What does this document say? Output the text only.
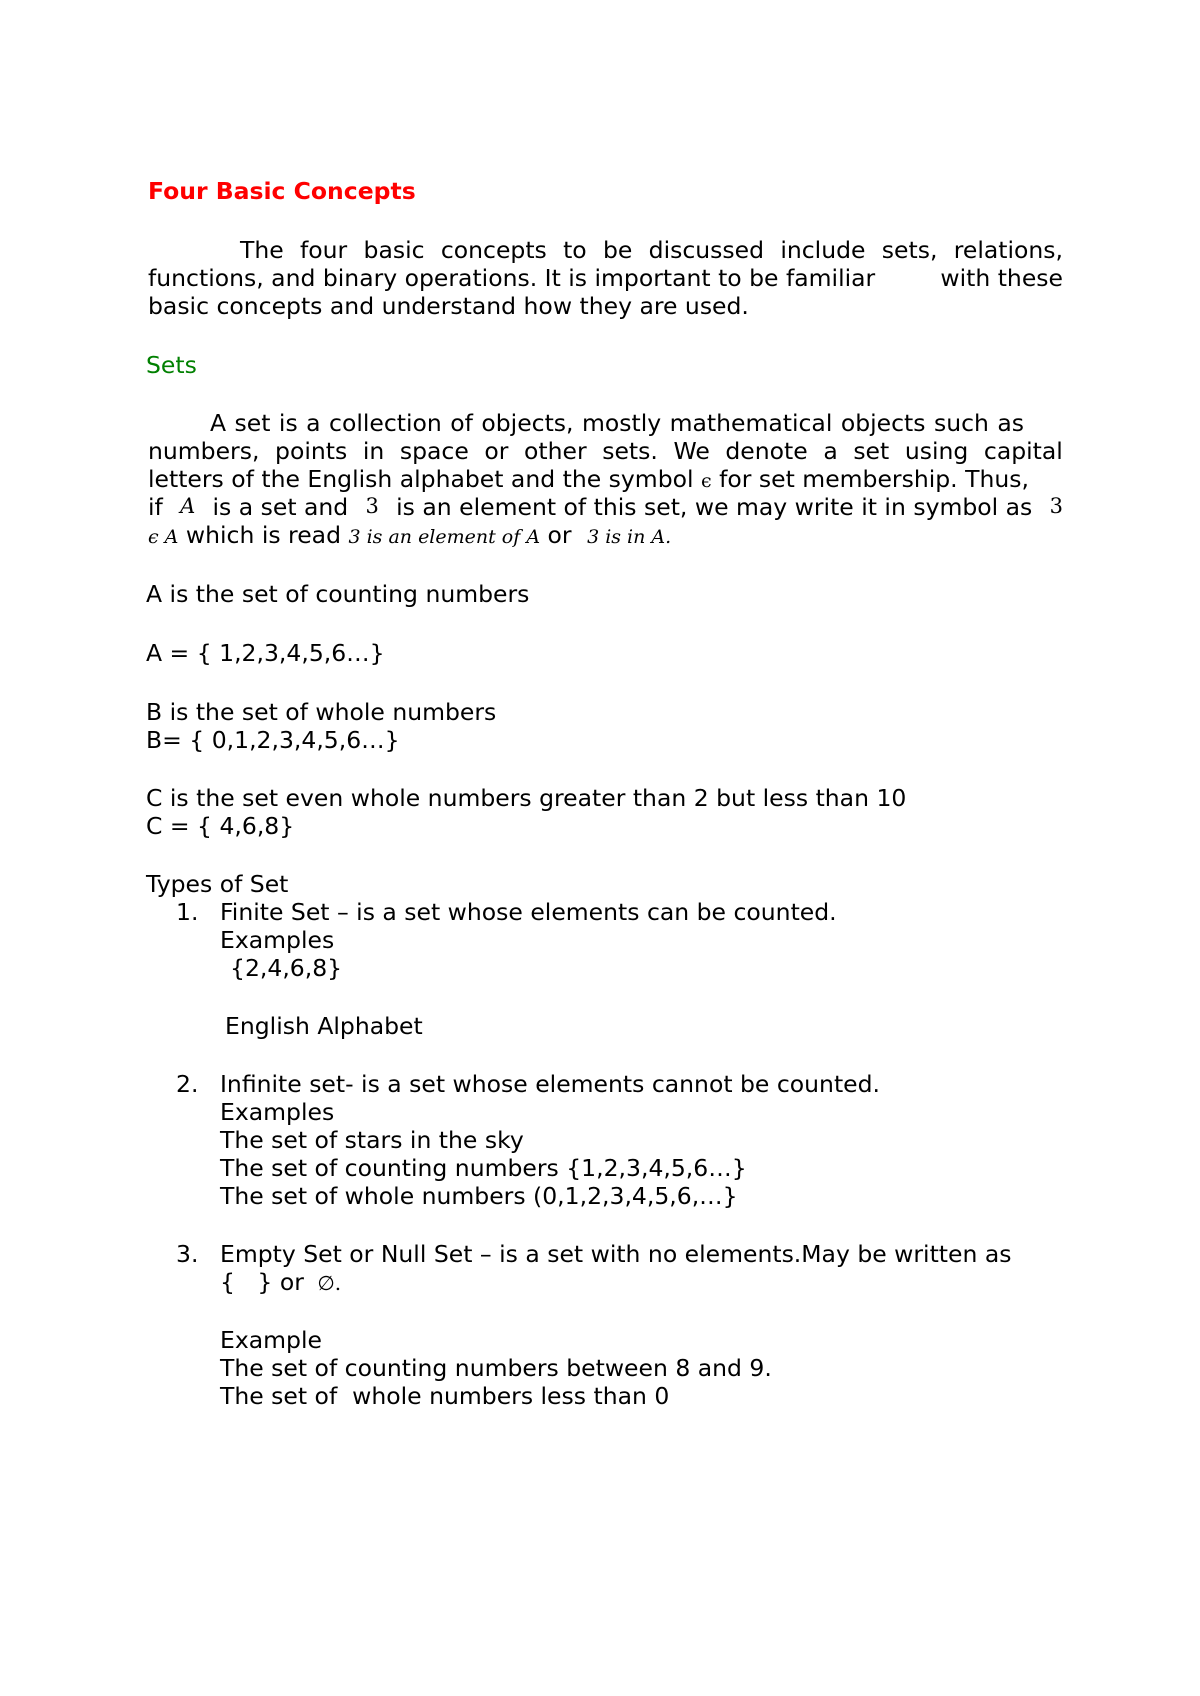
Four Basic Concepts
The four basic concepts to be discussed include sets, relations,
functions, and binary operations. It is important to be familiar	with these
basic concepts and understand how they are used.
Sets
A set is a collection of objects, mostly mathematical objects such as
numbers, points in space or other sets. We denote a set using capital
letters of the English alphabet and the symbol ϵ for set membership. Thus,
if A is a set and 3 is an element of this set, we may write it in symbol as 3
ϵ A which is read 3 is an element of A or 3 is in A.
A is the set of counting numbers
A = { 1,2,3,4,5,6…}
B is the set of whole numbers
B= { 0,1,2,3,4,5,6…}
C is the set even whole numbers greater than 2 but less than 10
C = { 4,6,8}
Types of Set
1. Finite Set – is a set whose elements can be counted.
Examples
{2,4,6,8}
English Alphabet
2. Infinite set- is a set whose elements cannot be counted.
Examples
The set of stars in the sky
The set of counting numbers {1,2,3,4,5,6…}
The set of whole numbers (0,1,2,3,4,5,6,…}
3. Empty Set or Null Set – is a set with no elements.May be written as
{   } or ∅.
Example
The set of counting numbers between 8 and 9.
The set of  whole numbers less than 0
